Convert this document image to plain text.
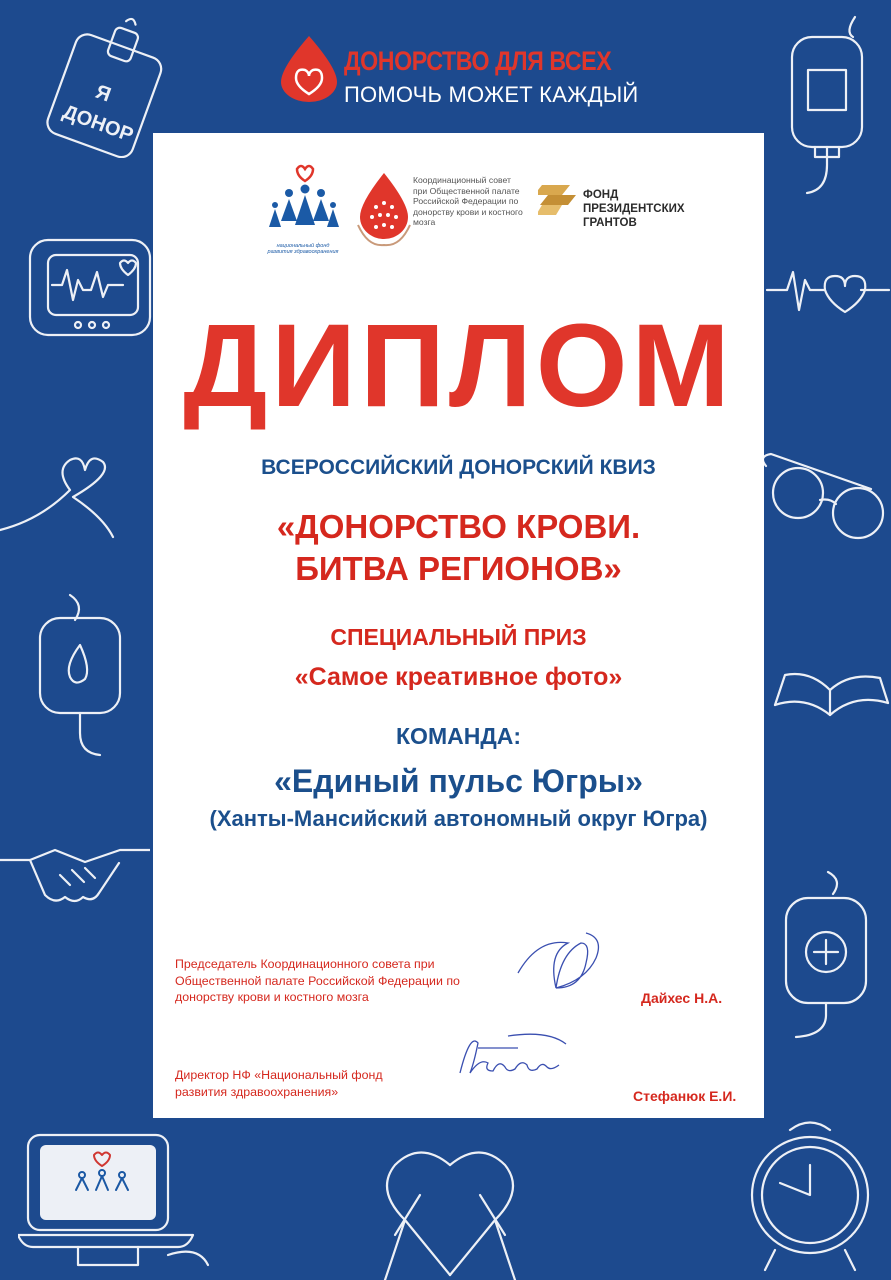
Я
ДОНОР
ДОНОРСТВО ДЛЯ ВСЕХ
ПОМОЧЬ МОЖЕТ КАЖДЫЙ
национальный фонд развития здравоохранения
Координационный совет при Общественной палате Российской Федерации по донорству крови и костного мозга
ФОНД
ПРЕЗИДЕНТСКИХ
ГРАНТОВ
ДИПЛОМ
ВСЕРОССИЙСКИЙ ДОНОРСКИЙ КВИЗ
«ДОНОРСТВО КРОВИ.
БИТВА РЕГИОНОВ»
СПЕЦИАЛЬНЫЙ ПРИЗ
«Самое креативное фото»
КОМАНДА:
«Единый пульс Югры»
(Ханты-Мансийский автономный округ Югра)
Председатель Координационного совета при Общественной палате Российской Федерации по донорству крови и костного мозга	Дайхес Н.А.
Директор НФ «Национальный фонд развития здравоохранения»	Стефанюк Е.И.
